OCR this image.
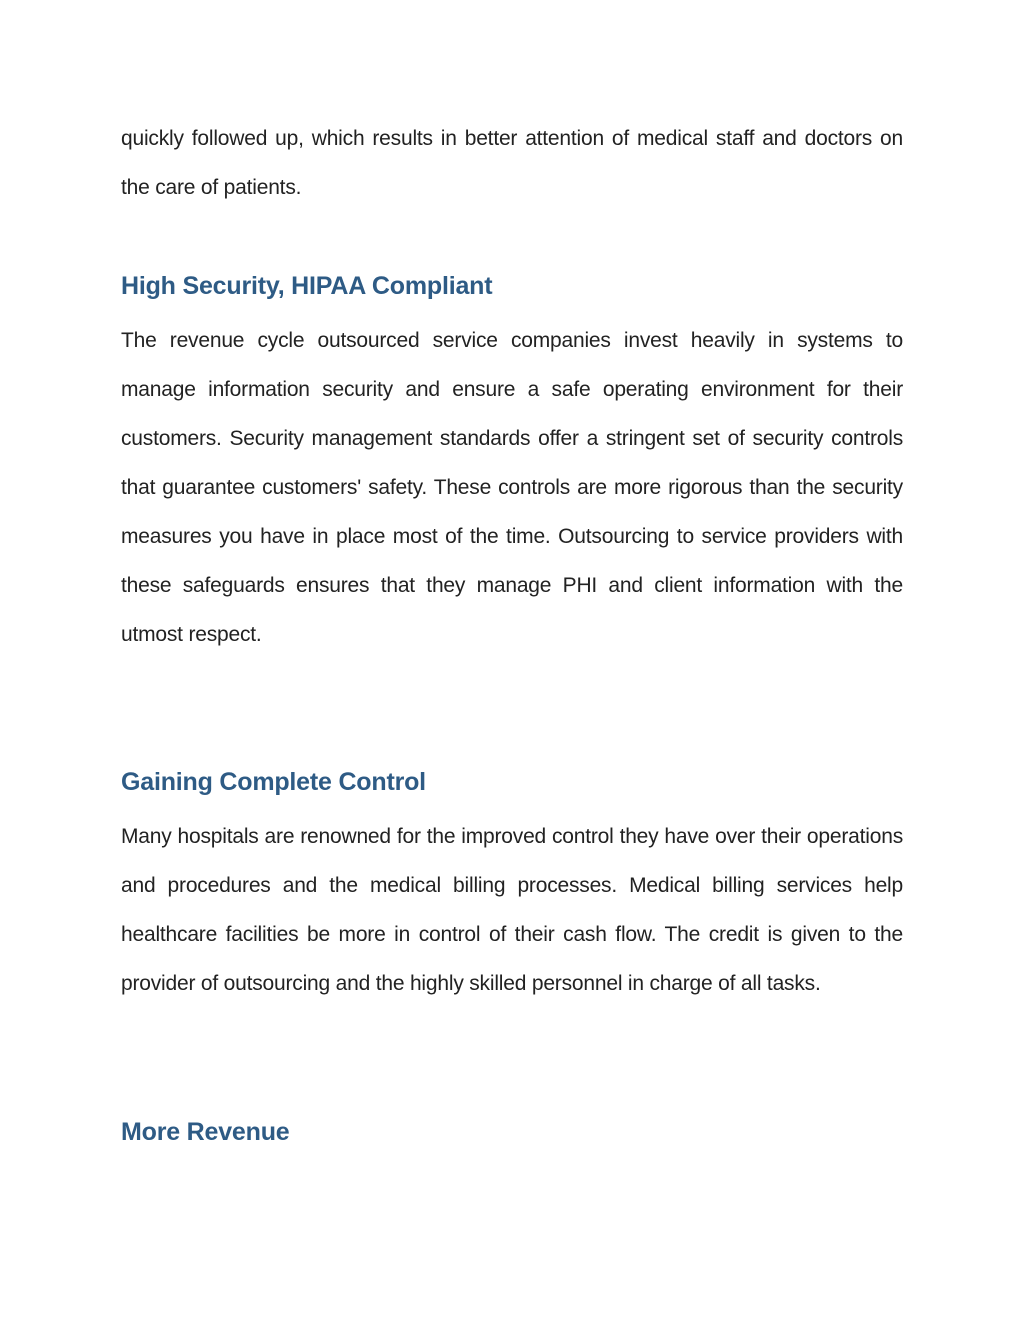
quickly followed up, which results in better attention of medical staff and doctors on the care of patients.

High Security, HIPAA Compliant

The revenue cycle outsourced service companies invest heavily in systems to manage information security and ensure a safe operating environment for their customers. Security management standards offer a stringent set of security controls that guarantee customers' safety. These controls are more rigorous than the security measures you have in place most of the time. Outsourcing to service providers with these safeguards ensures that they manage PHI and client information with the utmost respect.

Gaining Complete Control

Many hospitals are renowned for the improved control they have over their operations and procedures and the medical billing processes. Medical billing services help healthcare facilities be more in control of their cash flow. The credit is given to the provider of outsourcing and the highly skilled personnel in charge of all tasks.

More Revenue
